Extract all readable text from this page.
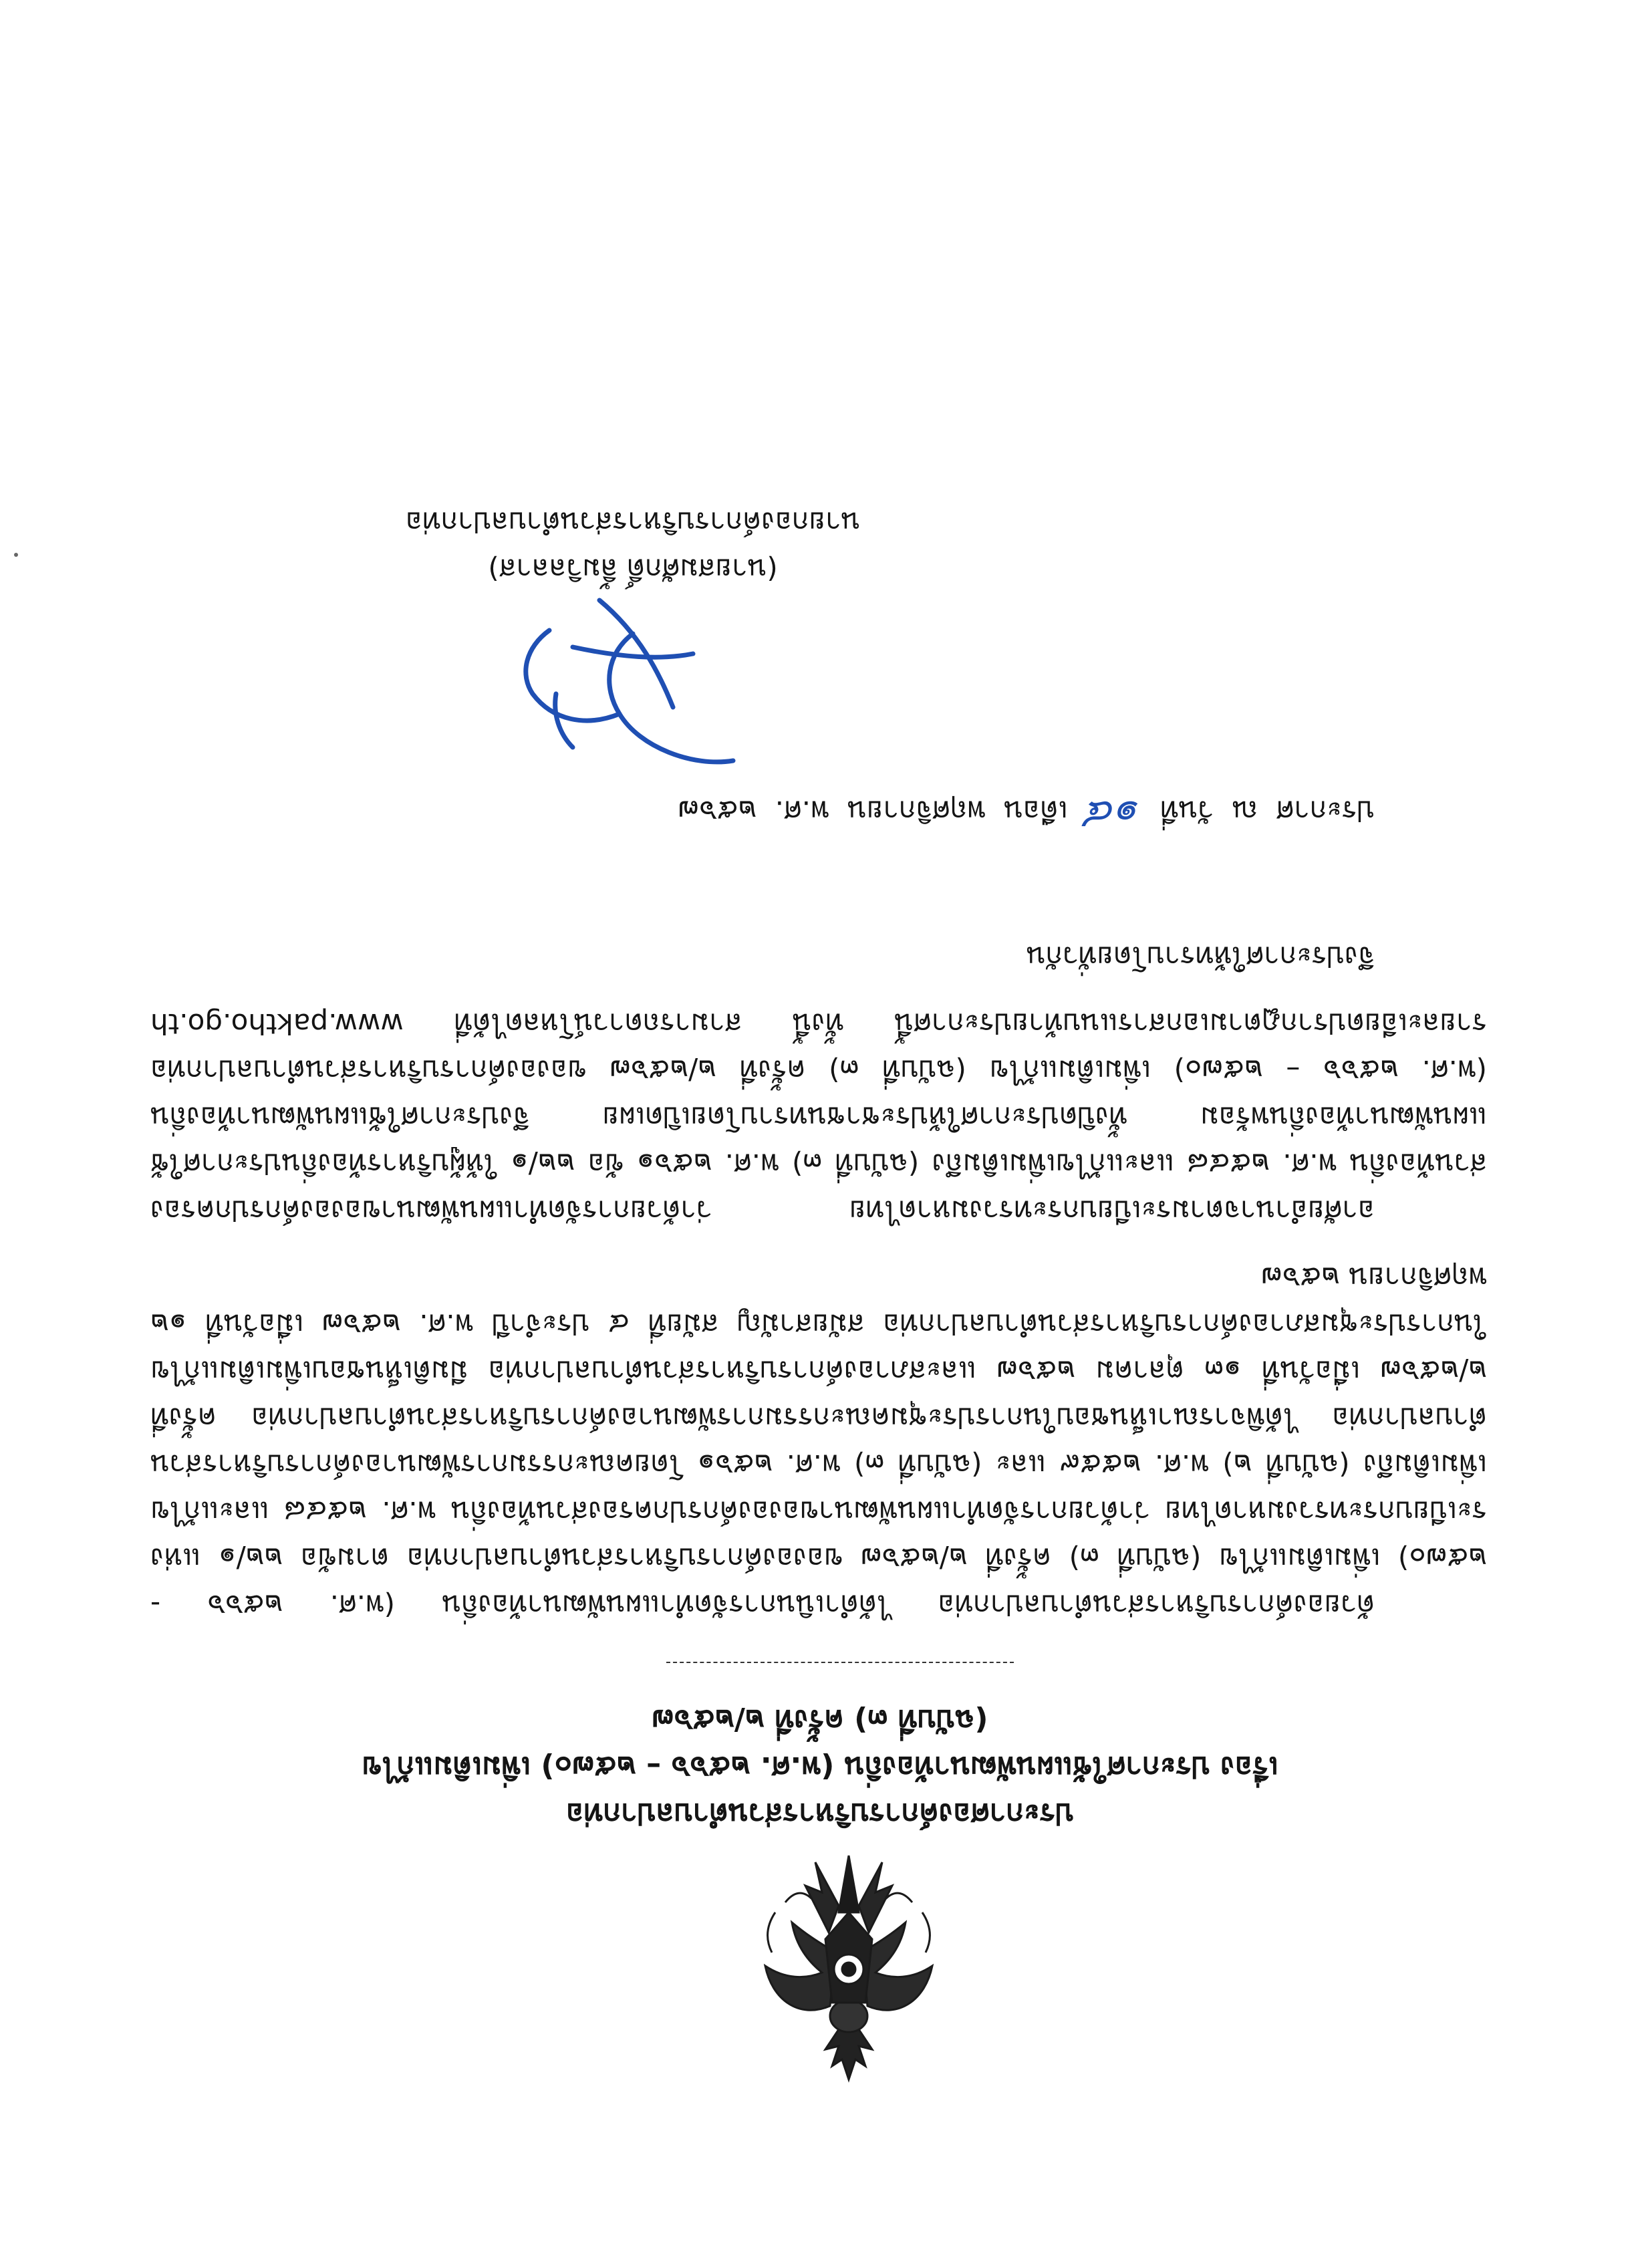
ประกาศองค์การบริหารส่วนตำบลปากท่อ
เรื่อง ประกาศใช้แผนพัฒนาท้องถิ่น (พ.ศ. ๒๕๖๖ – ๒๕๗๐) เพิ่มเติมแก้ไข
(ฉบับที่ ๓) ครั้งที่ ๒/๒๕๖๗
ด้วยองค์การบริหารส่วนตำบลปากท่อ ได้ดำเนินการจัดทำแผนพัฒนาท้องถิ่น (พ.ศ. ๒๕๖๖ -
๒๕๗๐) เพิ่มเติมแก้ไข (ฉบับที่ ๓) ครั้งที่ ๒/๒๕๖๗ ขององค์การบริหารส่วนตำบลปากท่อ ตามข้อ ๒๒/๑ แห่ง
ระเบียบกระทรวงมหาดไทย ว่าด้วยการจัดทำแผนพัฒนาขององค์กรปกครองส่วนท้องถิ่น พ.ศ. ๒๕๔๘ และแก้ไข
เพิ่มเติมถึง (ฉบับที่ ๒) พ.ศ. ๒๕๕๙ และ (ฉบับที่ ๓) พ.ศ. ๒๕๖๑ โดยคณะกรรมการพัฒนาองค์การบริหารส่วน
ตำบลปากท่อ ได้พิจารณาเห็นชอบในการประชุมคณะกรรมการพัฒนาองค์การบริหารส่วนตำบลปากท่อ ครั้งที่
๒/๒๕๖๗ เมื่อวันที่ ๑๓ ตุลาคม ๒๕๖๗ และสภาองค์การบริหารส่วนตำบลปากท่อ มีมติเห็นชอบเพิ่มเติมแก้ไข
ในการประชุมสภาองค์การบริหารส่วนตำบลปากท่อ สมัยสามัญ สมัยที่ ๔ ประจำปี พ.ศ. ๒๕๖๗ เมื่อวันที่ ๑๒
พฤศจิกายน ๒๕๖๗
อาศัยอำนาจตามระเบียบกระทรวงมหาดไทย ว่าด้วยการจัดทำแผนพัฒนาขององค์กรปกครอง
ส่วนท้องถิ่น พ.ศ. ๒๕๔๘ และแก้ไขเพิ่มเติมถึง (ฉบับที่ ๓) พ.ศ. ๒๕๖๑ ข้อ ๒๒/๑ ให้ผู้บริหารท้องถิ่นประกาศใช้
แผนพัฒนาท้องถิ่นพร้อม ทั้งปิดประกาศให้ประชาชนทราบโดยเปิดเผย จึงประกาศใช้แผนพัฒนาท้องถิ่น
(พ.ศ. ๒๕๖๖ – ๒๕๗๐) เพิ่มเติมแก้ไข (ฉบับที่ ๓) ครั้งที่ ๒/๒๕๖๗ ขององค์การบริหารส่วนตำบลปากท่อ
รายละเอียดปรากฏตามเอกสารแนบท้ายประกาศนี้ ทั้งนี้ สามารถดาวน์โหลดได้ที่ www.paktho.go.th
จึงประกาศให้ทราบโดยทั่วกัน
ประกาศ ณ วันที่ ๑๔ เดือน พฤศจิกายน พ.ศ. ๒๕๖๗
(นายสมศักดิ์ ลิ้มวิลลาส)
นายกองค์การบริหารส่วนตำบลปากท่อ
